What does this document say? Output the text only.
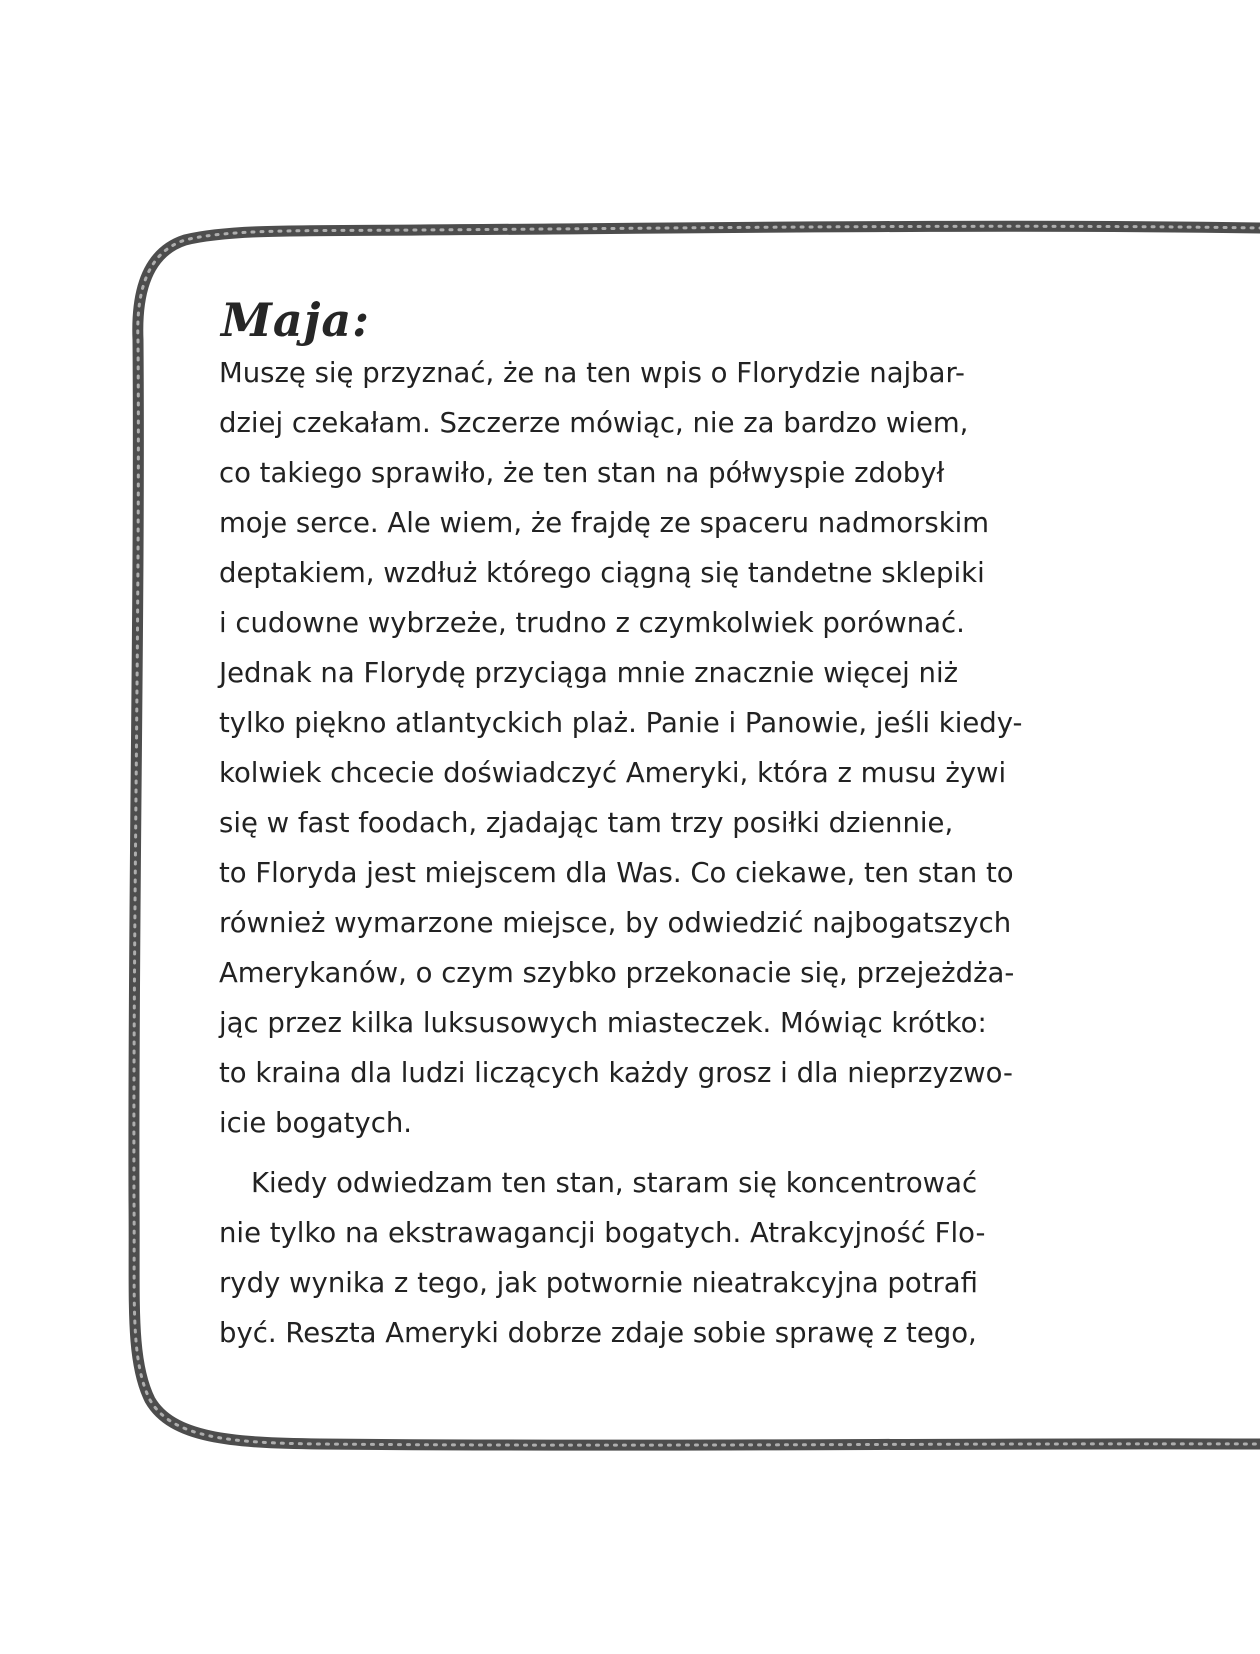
Maja:
Muszę się przyznać, że na ten wpis o Florydzie najbar-
dziej czekałam. Szczerze mówiąc, nie za bardzo wiem,
co takiego sprawiło, że ten stan na półwyspie zdobył
moje serce. Ale wiem, że frajdę ze spaceru nadmorskim
deptakiem, wzdłuż którego ciągną się tandetne sklepiki
i cudowne wybrzeże, trudno z czymkolwiek porównać.
Jednak na Florydę przyciąga mnie znacznie więcej niż
tylko piękno atlantyckich plaż. Panie i Panowie, jeśli kiedy-
kolwiek chcecie doświadczyć Ameryki, która z musu żywi
się w fast foodach, zjadając tam trzy posiłki dziennie,
to Floryda jest miejscem dla Was. Co ciekawe, ten stan to
również wymarzone miejsce, by odwiedzić najbogatszych
Amerykanów, o czym szybko przekonacie się, przejeżdża-
jąc przez kilka luksusowych miasteczek. Mówiąc krótko:
to kraina dla ludzi liczących każdy grosz i dla nieprzyzwo-
icie bogatych.
Kiedy odwiedzam ten stan, staram się koncentrować
nie tylko na ekstrawagancji bogatych. Atrakcyjność Flo-
rydy wynika z tego, jak potwornie nieatrakcyjna potrafi
być. Reszta Ameryki dobrze zdaje sobie sprawę z tego,
